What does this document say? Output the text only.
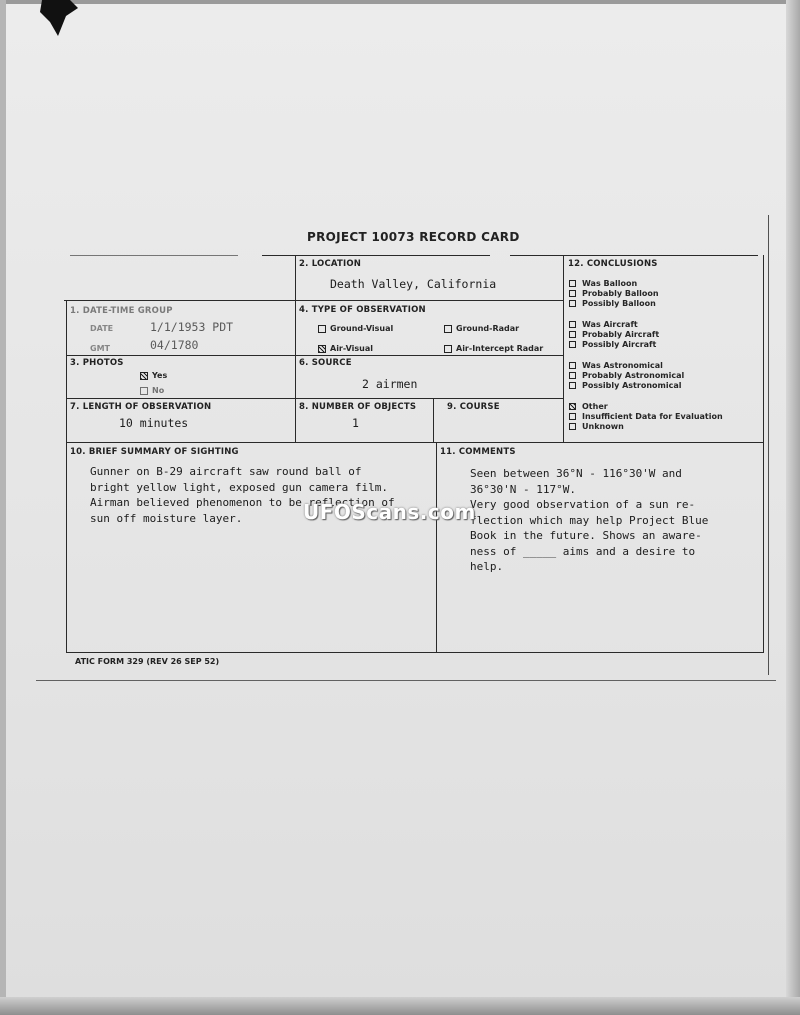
PROJECT 10073 RECORD CARD
2. LOCATION
Death Valley, California
1. DATE-TIME GROUP
DATE	1/1/1953 PDT
GMT	04/1780
4. TYPE OF OBSERVATION
Ground-Visual	Ground-Radar
Air-Visual	Air-Intercept Radar
3. PHOTOS
Yes
No
6. SOURCE
2 airmen
7. LENGTH OF OBSERVATION
10 minutes
8. NUMBER OF OBJECTS
1
9. COURSE
12. CONCLUSIONS
Was Balloon
Probably Balloon
Possibly Balloon
Was Aircraft
Probably Aircraft
Possibly Aircraft
Was Astronomical
Probably Astronomical
Possibly Astronomical
Other
Insufficient Data for Evaluation
Unknown
10. BRIEF SUMMARY OF SIGHTING
Gunner on B-29 aircraft saw round ball of
bright yellow light, exposed gun camera film.
Airman believed phenomenon to be reflection of
sun off moisture layer.
11. COMMENTS
Seen between 36°N - 116°30'W and
36°30'N - 117°W.
Very good observation of a sun re-
flection which may help Project Blue
Book in the future. Shows an aware-
ness of _____ aims and a desire to
help.
UFOScans.com
ATIC FORM 329 (REV 26 SEP 52)
